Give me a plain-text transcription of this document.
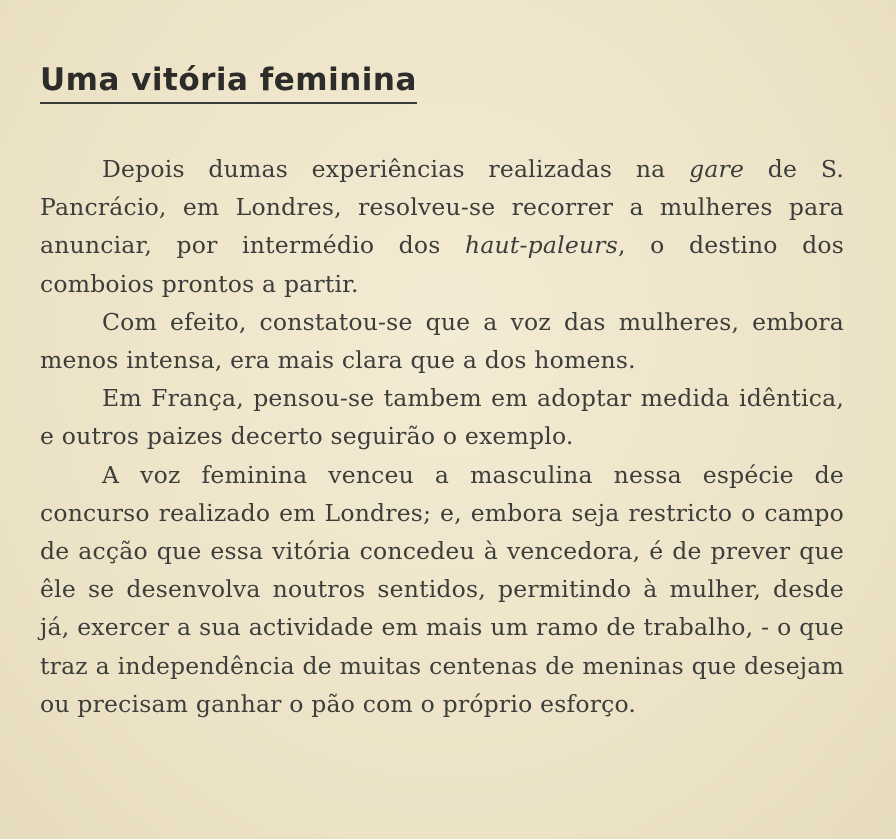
Uma vitória feminina

Depois dumas experiências realizadas na gare de S. Pancrácio, em Londres, resolveu-se recorrer a mulheres para anunciar, por intermédio dos haut-paleurs, o destino dos comboios prontos a partir.

Com efeito, constatou-se que a voz das mulheres, embora menos intensa, era mais clara que a dos homens.

Em França, pensou-se tambem em adoptar medida idêntica, e outros paizes decerto seguirão o exemplo.

A voz feminina venceu a masculina nessa espécie de concurso realizado em Londres; e, embora seja restricto o campo de acção que essa vitória concedeu à vencedora, é de prever que êle se desenvolva noutros sentidos, permitindo à mulher, desde já, exercer a sua actividade em mais um ramo de trabalho, - o que traz a independência de muitas centenas de meninas que desejam ou precisam ganhar o pão com o próprio esforço.
